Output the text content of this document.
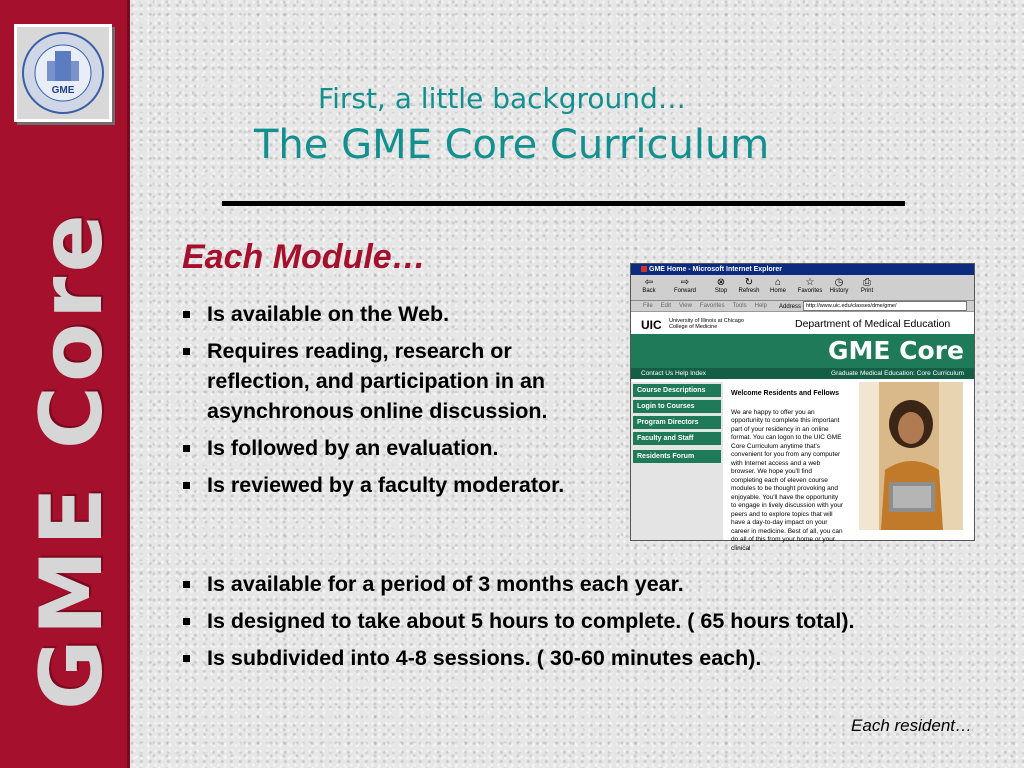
GME
GME Core
First, a little background…
The GME Core Curriculum
Each Module…
Is available on the Web.
Requires reading, research or reflection, and participation in an asynchronous online discussion.
Is followed by an evaluation.
Is reviewed by a faculty moderator.
Is available for a period of 3 months each year.
Is designed to take about 5 hours to complete. ( 65 hours total).
Is subdivided into 4-8 sessions. ( 30-60 minutes each).
Each resident…
GME Home - Microsoft Internet Explorer
⇦
Back
⇨
Forward
⊗
Stop
↻
Refresh
⌂
Home
☆
Favorites
◷
History
⎙
Print
File Edit View Favorites Tools Help	Address http://www.uic.edu/classes/dme/gme/
UIC University of Illinois at Chicago
College of Medicine	Department of Medical Education
GME Core
Contact Us Help Index	Graduate Medical Education: Core Curriculum
Course Descriptions
Login to Courses
Program Directors
Faculty and Staff
Residents Forum
Welcome Residents and Fellows
We are happy to offer you an opportunity to complete this important part of your residency in an online format. You can logon to the UIC GME Core Curriculum anytime that's convenient for you from any computer with Internet access and a web browser. We hope you'll find completing each of eleven course modules to be thought provoking and enjoyable. You'll have the opportunity to engage in lively discussion with your peers and to explore topics that will have a day-to-day impact on your career in medicine. Best of all, you can do all of this from your home or your clinical
